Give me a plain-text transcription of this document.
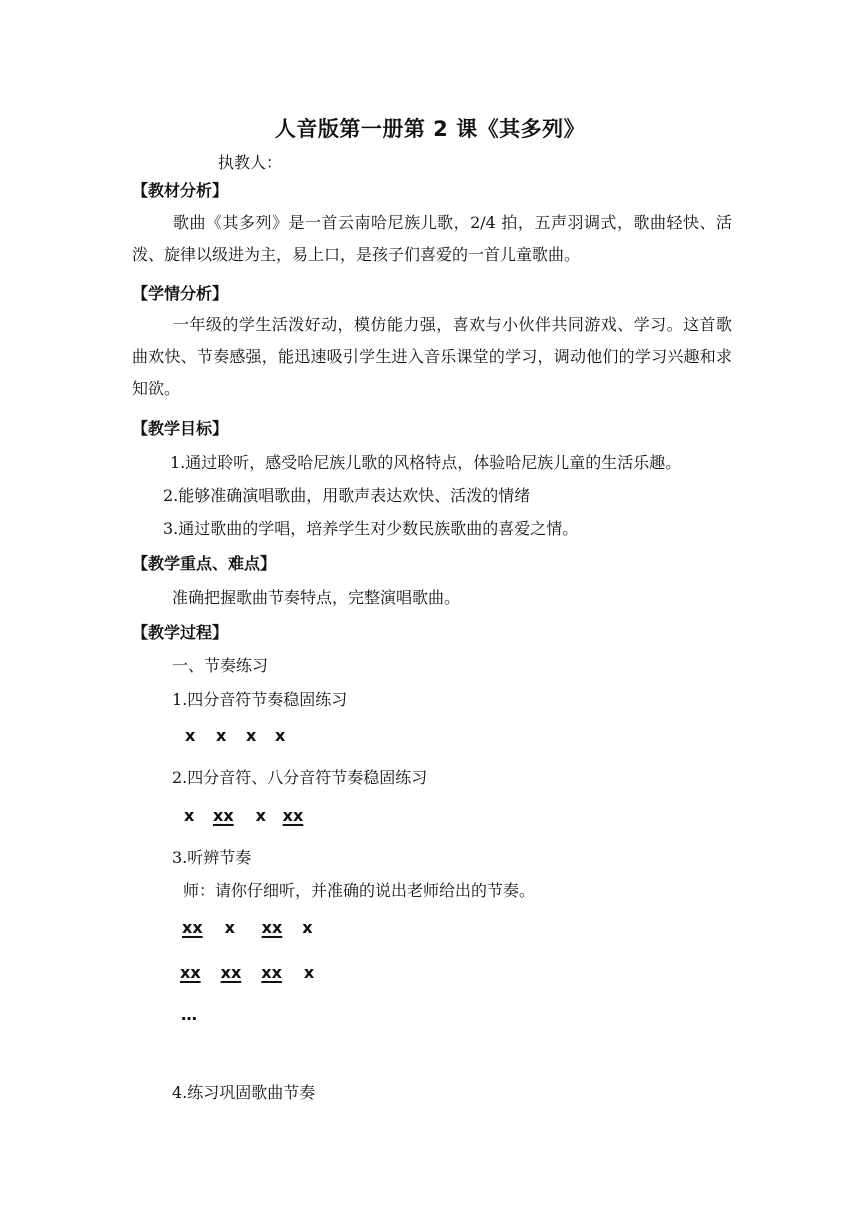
人音版第一册第 2 课《其多列》
执教人：
【教材分析】
歌曲《其多列》是一首云南哈尼族儿歌，2/4 拍，五声羽调式，歌曲轻快、活泼、旋律以级进为主，易上口，是孩子们喜爱的一首儿童歌曲。
【学情分析】
一年级的学生活泼好动，模仿能力强，喜欢与小伙伴共同游戏、学习。这首歌曲欢快、节奏感强，能迅速吸引学生进入音乐课堂的学习，调动他们的学习兴趣和求知欲。
【教学目标】
1.通过聆听，感受哈尼族儿歌的风格特点，体验哈尼族儿童的生活乐趣。
2.能够准确演唱歌曲，用歌声表达欢快、活泼的情绪
3.通过歌曲的学唱，培养学生对少数民族歌曲的喜爱之情。
【教学重点、难点】
准确把握歌曲节奏特点，完整演唱歌曲。
【教学过程】
一、节奏练习
1.四分音符节奏稳固练习
x x x x
2.四分音符、八分音符节奏稳固练习
x xx x xx
3.听辨节奏
师：请你仔细听，并准确的说出老师给出的节奏。
xx x xx x
xx xx xx x
…
4.练习巩固歌曲节奏
